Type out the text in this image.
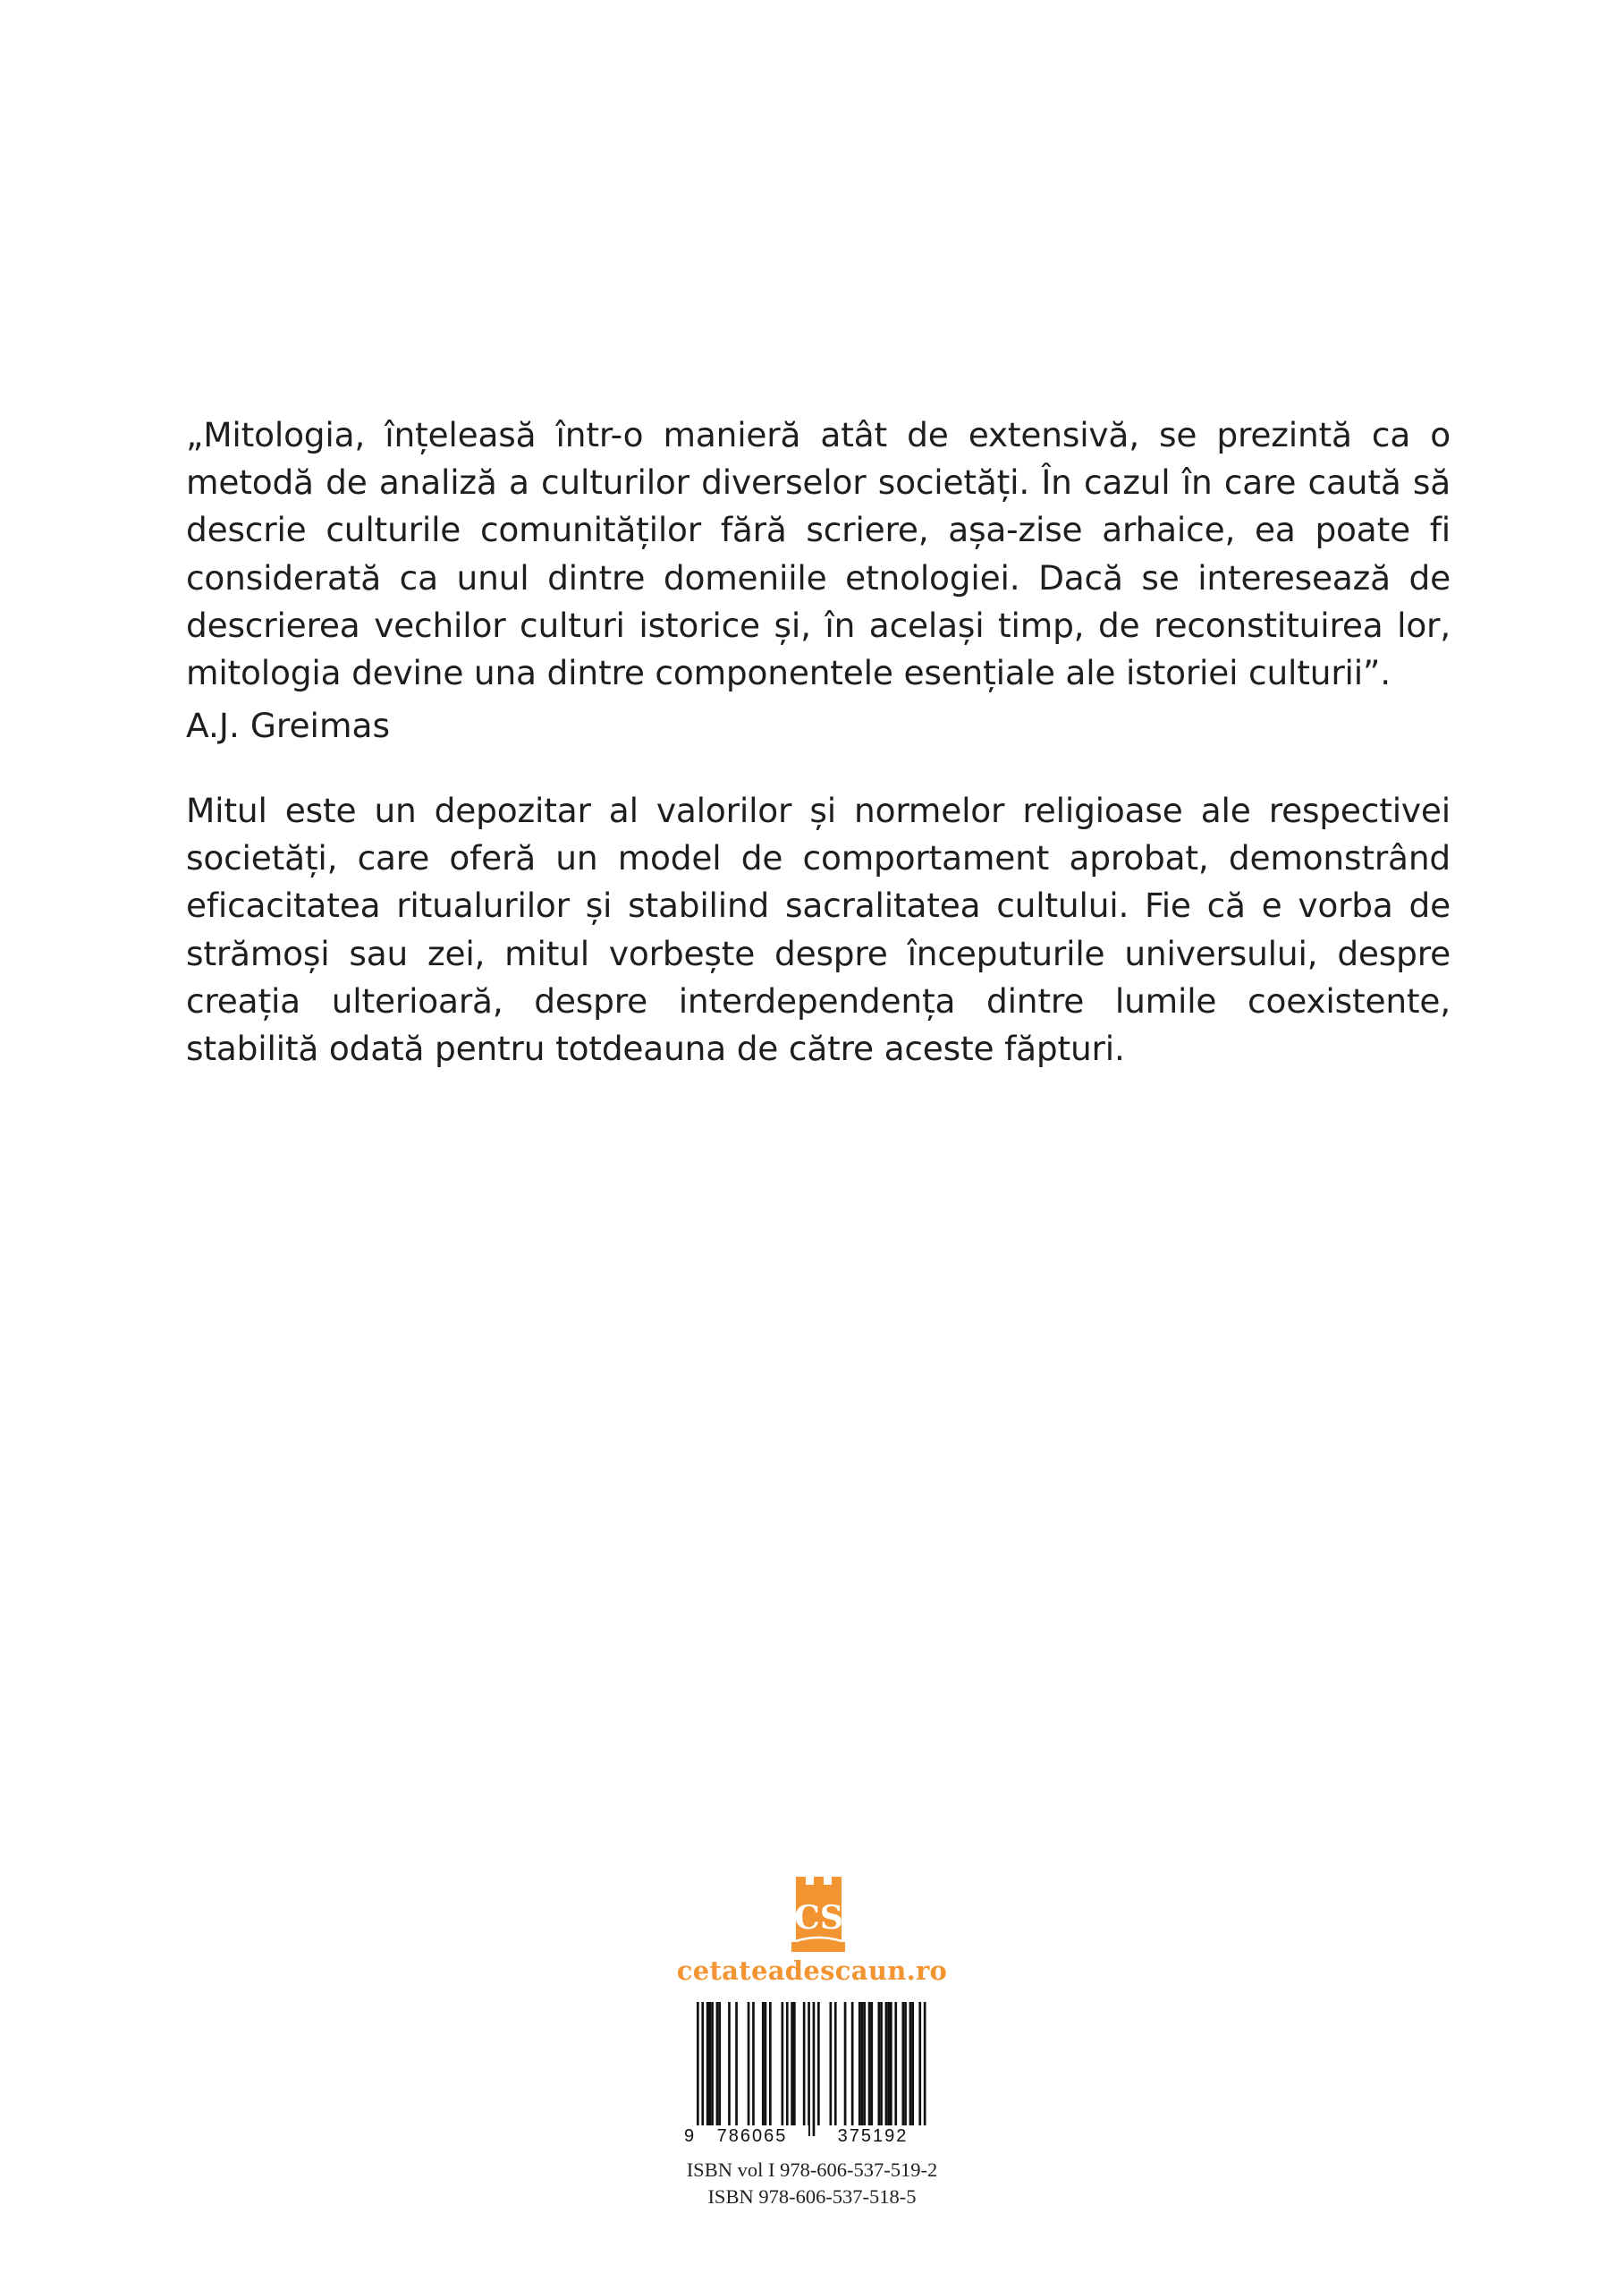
„Mitologia, înțeleasă într-o manieră atât de extensivă, se prezintă ca o metodă de analiză a culturilor diverselor societăți. În cazul în care caută să descrie culturile comunităților fără scriere, așa-zise arhaice, ea poate fi considerată ca unul dintre domeniile etnologiei. Dacă se interesează de descrierea vechilor culturi istorice și, în același timp, de reconstituirea lor, mitologia devine una dintre componentele esențiale ale istoriei culturii”.

A.J. Greimas

Mitul este un depozitar al valorilor și normelor religioase ale respectivei societăți, care oferă un model de comportament aprobat, demonstrând eficacitatea ritualurilor și stabilind sacralitatea cultului. Fie că e vorba de strămoși sau zei, mitul vorbește despre începuturile universului, despre creația ulterioară, despre interdependența dintre lumile coexistente, stabilită odată pentru totdeauna de către aceste făpturi.

CS
cetateadescaun.ro
9 786065	375192
ISBN vol I 978-606-537-519-2
ISBN 978-606-537-518-5
